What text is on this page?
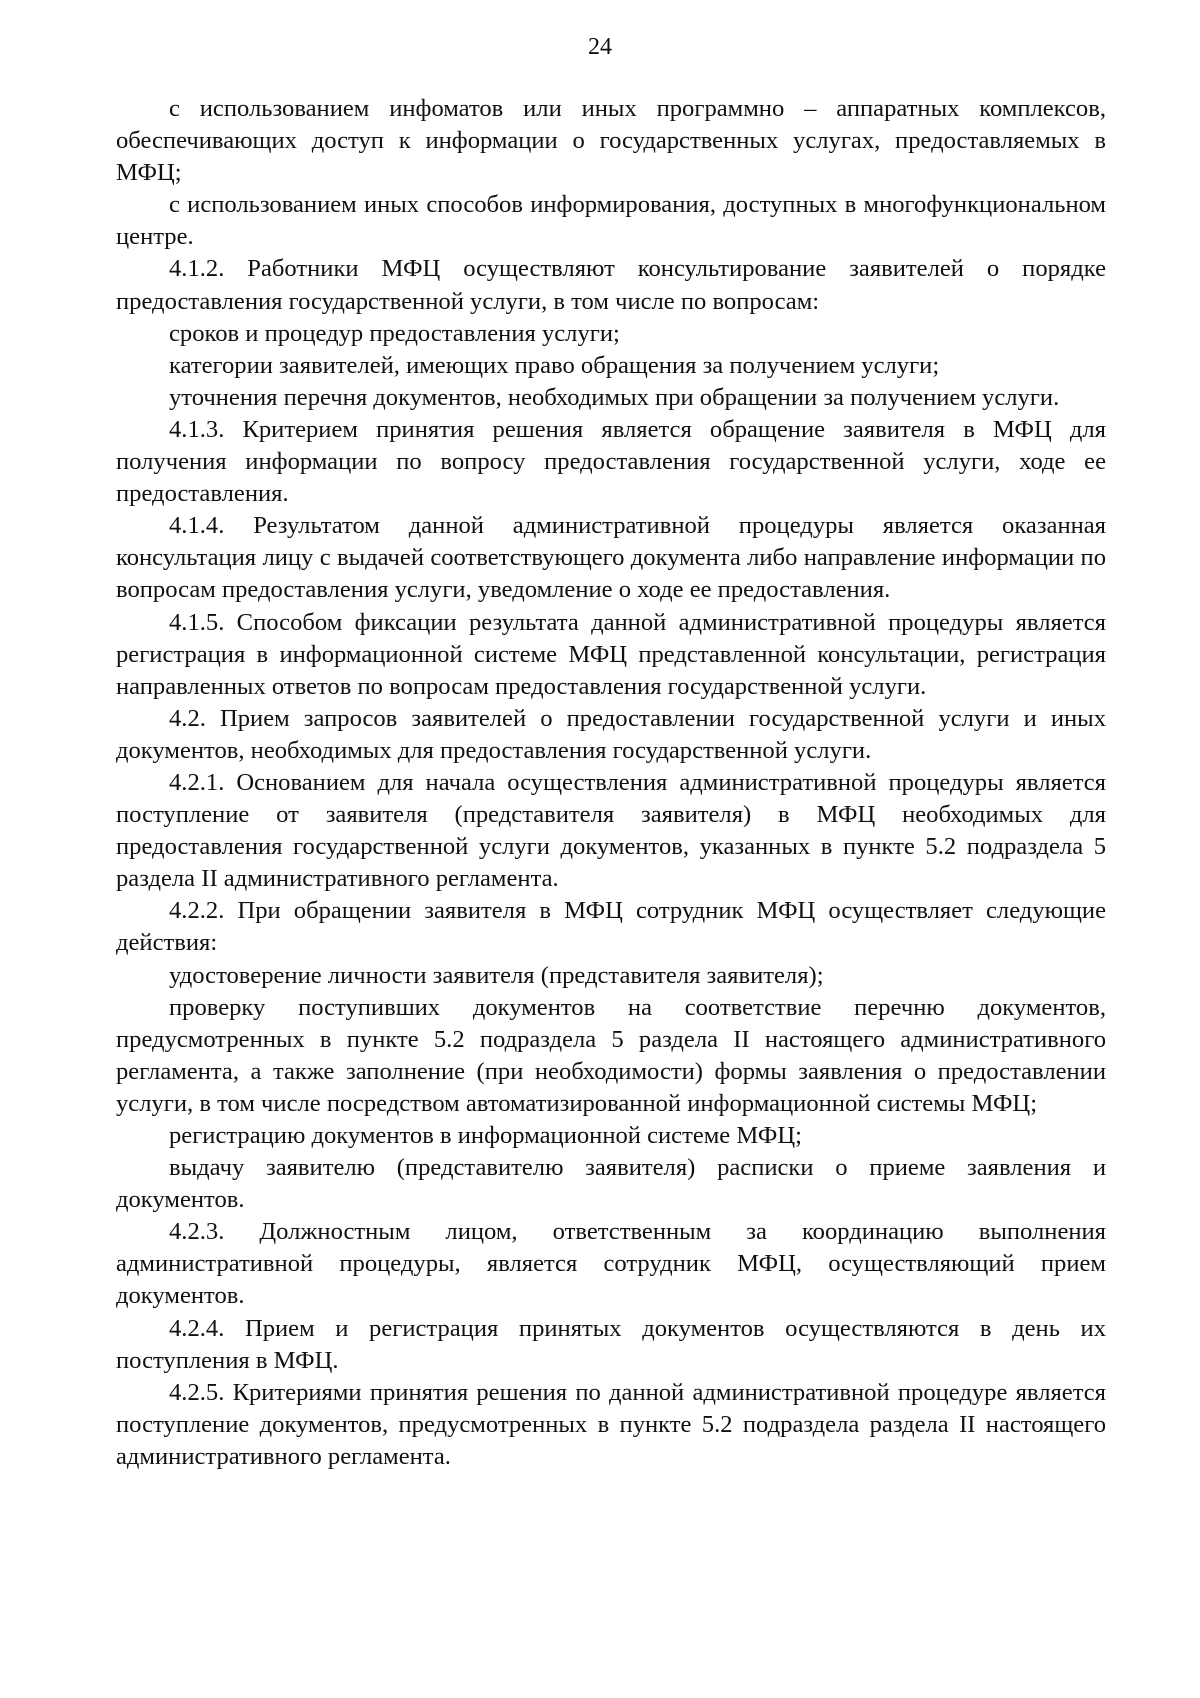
24

с использованием инфоматов или иных программно – аппаратных комплексов, обеспечивающих доступ к информации о государственных услугах, предоставляемых в МФЦ;

с использованием иных способов информирования, доступных в многофункциональном центре.

4.1.2. Работники МФЦ осуществляют консультирование заявителей о порядке предоставления государственной услуги, в том числе по вопросам:

сроков и процедур предоставления услуги;

категории заявителей, имеющих право обращения за получением услуги;

уточнения перечня документов, необходимых при обращении за получением услуги.

4.1.3. Критерием принятия решения является обращение заявителя в МФЦ для получения информации по вопросу предоставления государственной услуги, ходе ее предоставления.

4.1.4. Результатом данной административной процедуры является оказанная консультация лицу с выдачей соответствующего документа либо направление информации по вопросам предоставления услуги, уведомление о ходе ее предоставления.

4.1.5. Способом фиксации результата данной административной процедуры является регистрация в информационной системе МФЦ представленной консультации, регистрация направленных ответов по вопросам предоставления государственной услуги.

4.2. Прием запросов заявителей о предоставлении государственной услуги и иных документов, необходимых для предоставления государственной услуги.

4.2.1. Основанием для начала осуществления административной процедуры является поступление от заявителя (представителя заявителя) в МФЦ необходимых для предоставления государственной услуги документов, указанных в пункте 5.2 подраздела 5 раздела II административного регламента.

4.2.2. При обращении заявителя в МФЦ сотрудник МФЦ осуществляет следующие действия:

удостоверение личности заявителя (представителя заявителя);

проверку поступивших документов на соответствие перечню документов, предусмотренных в пункте 5.2 подраздела 5 раздела II настоящего административного регламента, а также заполнение (при необходимости) формы заявления о предоставлении услуги, в том числе посредством автоматизированной информационной системы МФЦ;

регистрацию документов в информационной системе МФЦ;

выдачу заявителю (представителю заявителя) расписки о приеме заявления и документов.

4.2.3. Должностным лицом, ответственным за координацию выполнения административной процедуры, является сотрудник МФЦ, осуществляющий прием документов.

4.2.4. Прием и регистрация принятых документов осуществляются в день их поступления в МФЦ.

4.2.5. Критериями принятия решения по данной административной процедуре является поступление документов, предусмотренных в пункте 5.2 подраздела раздела II настоящего административного регламента.
